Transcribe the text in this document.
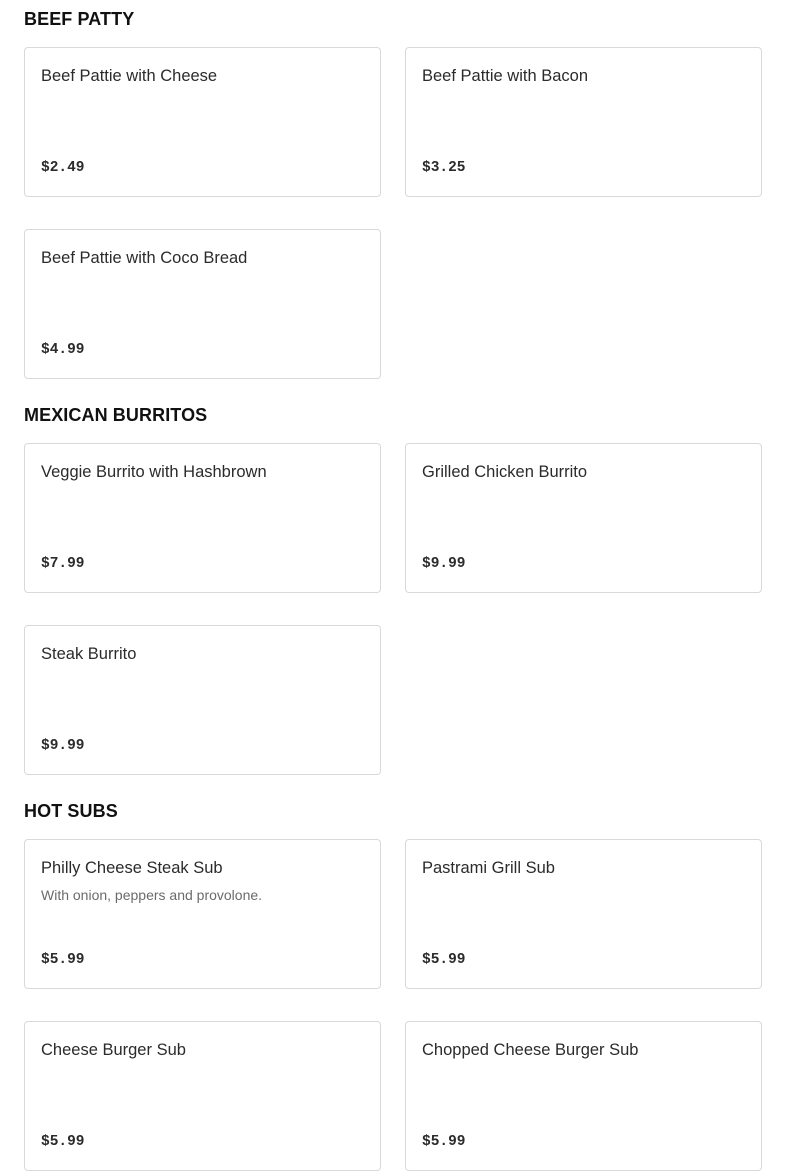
BEEF PATTY
Beef Pattie with Cheese
$2.49
Beef Pattie with Bacon
$3.25
Beef Pattie with Coco Bread
$4.99
MEXICAN BURRITOS
Veggie Burrito with Hashbrown
$7.99
Grilled Chicken Burrito
$9.99
Steak Burrito
$9.99
HOT SUBS
Philly Cheese Steak Sub
With onion, peppers and provolone.
$5.99
Pastrami Grill Sub
$5.99
Cheese Burger Sub
$5.99
Chopped Cheese Burger Sub
$5.99
